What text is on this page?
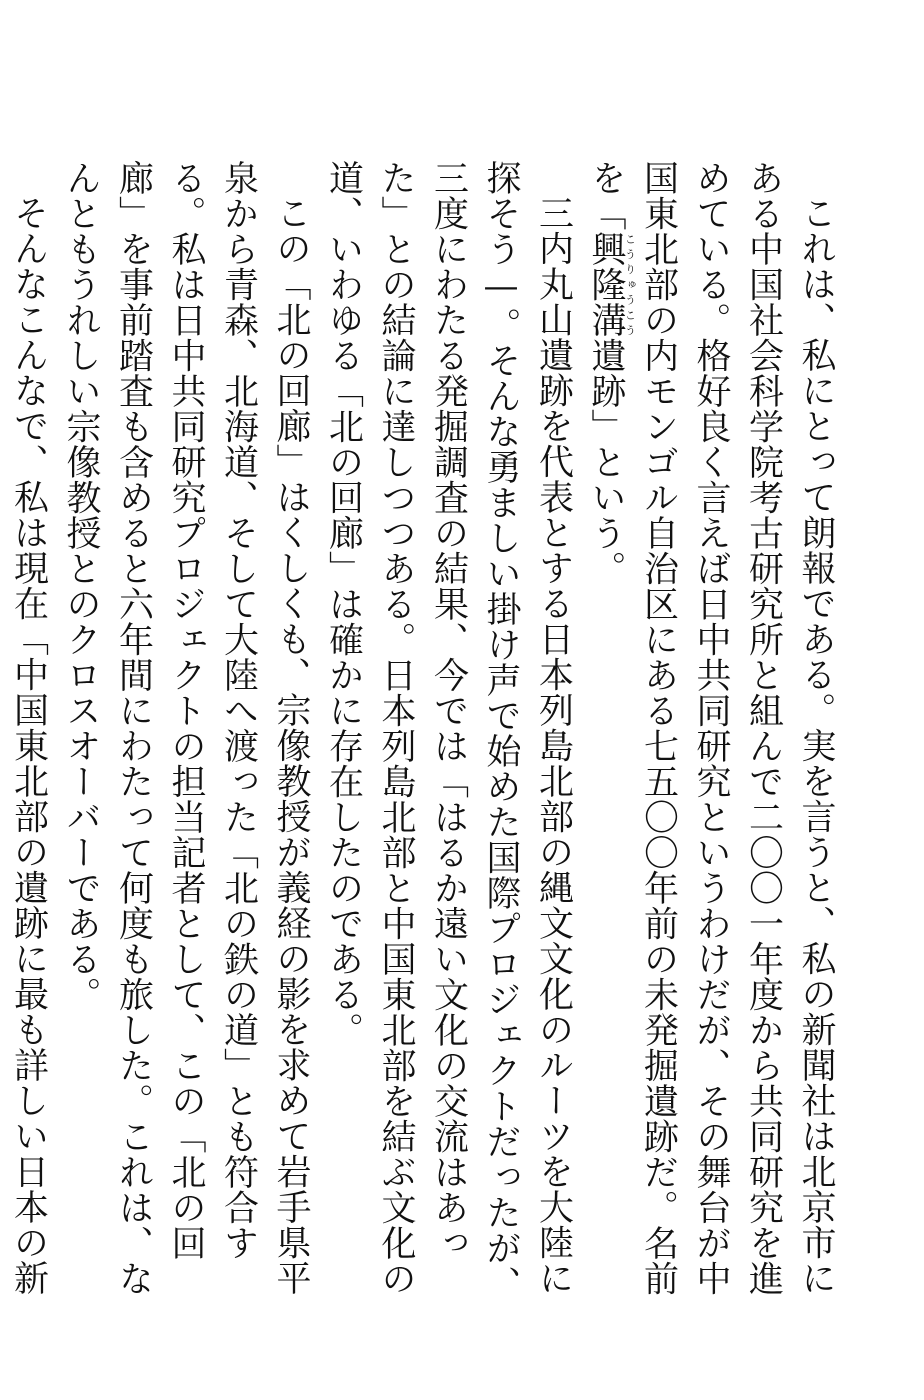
これは、私にとって朗報である。実を言うと、私の新聞社は北京市にある中国社会科学院考古研究所と組んで二〇〇一年度から共同研究を進めている。格好良く言えば日中共同研究というわけだが、その舞台が中国東北部の内モンゴル自治区にある七五〇〇年前の未発掘遺跡だ。名前を「興隆溝こうりゅうこう遺跡」という。

三内丸山遺跡を代表とする日本列島北部の縄文文化のルーツを大陸に探そう—。そんな勇ましい掛け声で始めた国際プロジェクトだったが、三度にわたる発掘調査の結果、今では「はるか遠い文化の交流はあった」との結論に達しつつある。日本列島北部と中国東北部を結ぶ文化の道、いわゆる「北の回廊」は確かに存在したのである。

この「北の回廊」はくしくも、宗像教授が義経の影を求めて岩手県平泉から青森、北海道、そして大陸へ渡った「北の鉄の道」とも符合する。私は日中共同研究プロジェクトの担当記者として、この「北の回廊」を事前踏査も含めると六年間にわたって何度も旅した。これは、なんともうれしい宗像教授とのクロスオーバーである。

そんなこんなで、私は現在「中国東北部の遺跡に最も詳しい日本の新
